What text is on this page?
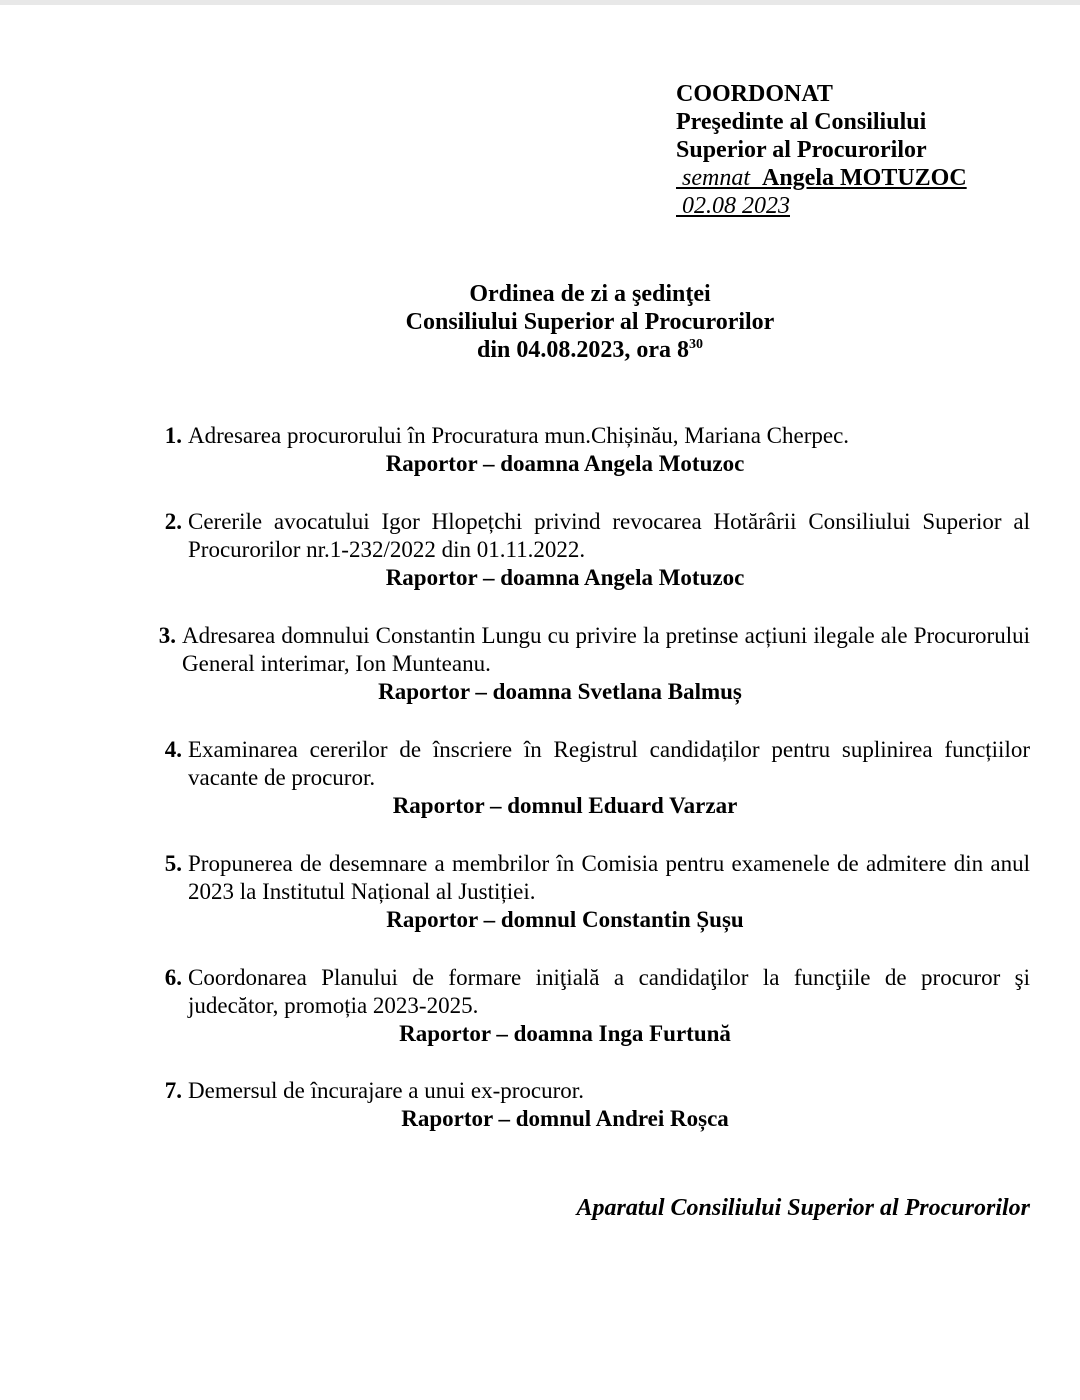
COORDONAT
Preşedinte al Consiliului
Superior al Procurorilor
semnat Angela MOTUZOC
02.08 2023
Ordinea de zi a şedinţei
Consiliului Superior al Procurorilor
din 04.08.2023, ora $8^{30}$
1. Adresarea procurorului în Procuratura mun.Chișinău, Mariana Cherpec.
Raportor – doamna Angela Motuzoc
2. Cererile avocatului Igor Hlopețchi privind revocarea Hotărârii Consiliului Superior al Procurorilor nr.1-232/2022 din 01.11.2022.
Raportor – doamna Angela Motuzoc
3. Adresarea domnului Constantin Lungu cu privire la pretinse acțiuni ilegale ale Procurorului General interimar, Ion Munteanu.
Raportor – doamna Svetlana Balmuș
4. Examinarea cererilor de înscriere în Registrul candidaților pentru suplinirea funcțiilor vacante de procuror.
Raportor – domnul Eduard Varzar
5. Propunerea de desemnare a membrilor în Comisia pentru examenele de admitere din anul 2023 la Institutul Național al Justiției.
Raportor – domnul Constantin Șușu
6. Coordonarea Planului de formare iniţială a candidaţilor la funcţiile de procuror şi judecător, promoția 2023-2025.
Raportor – doamna Inga Furtună
7. Demersul de încurajare a unui ex-procuror.
Raportor – domnul Andrei Roșca
Aparatul Consiliului Superior al Procurorilor
